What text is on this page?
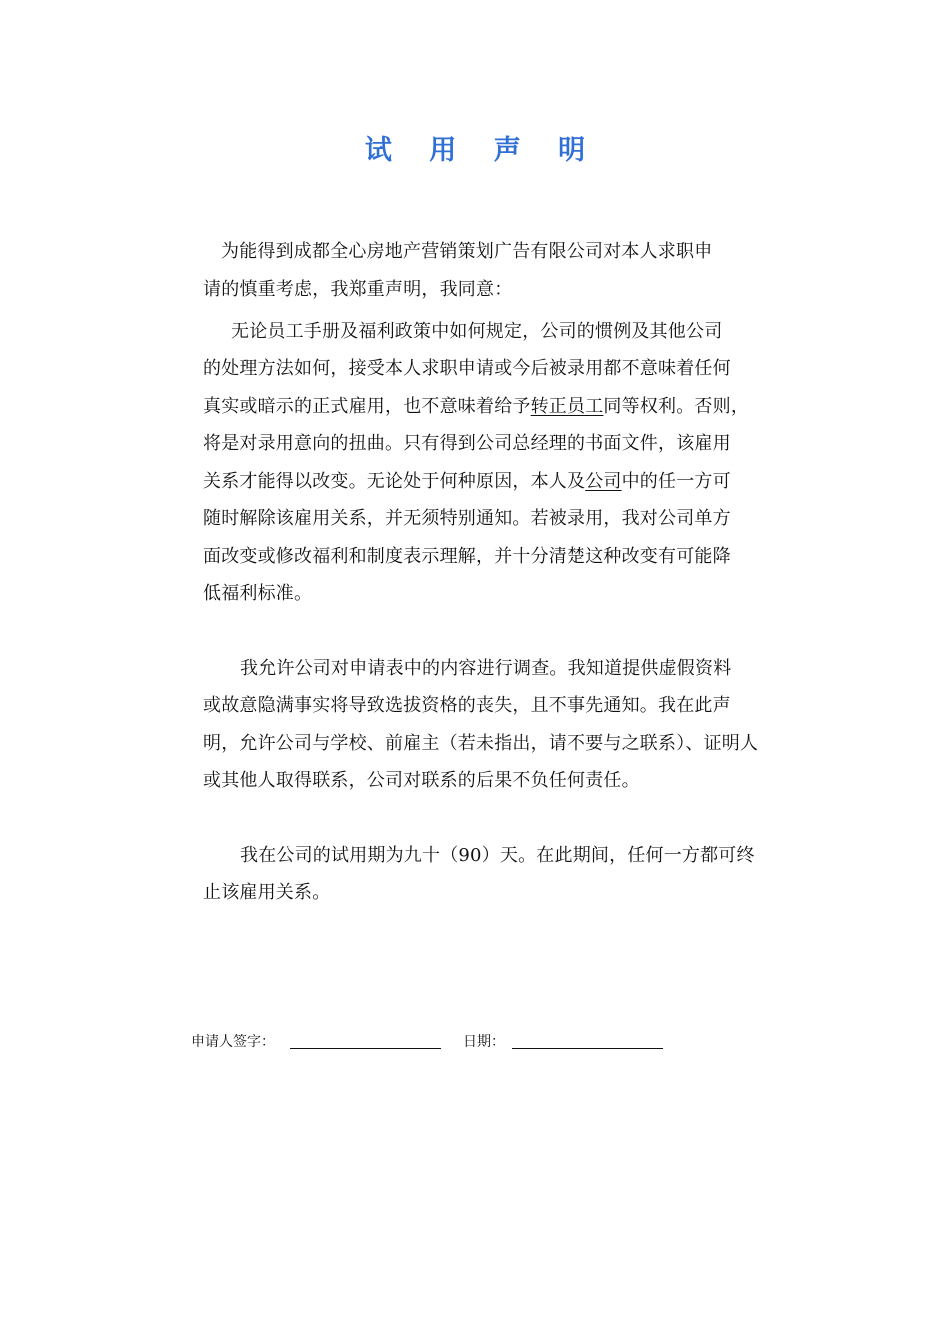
试 用 声 明
为能得到成都全心房地产营销策划广告有限公司对本人求职申
请的慎重考虑，我郑重声明，我同意：
无论员工手册及福利政策中如何规定，公司的惯例及其他公司
的处理方法如何，接受本人求职申请或今后被录用都不意味着任何
真实或暗示的正式雇用，也不意味着给予转正员工同等权利。否则，
将是对录用意向的扭曲。只有得到公司总经理的书面文件，该雇用
关系才能得以改变。无论处于何种原因，本人及公司中的任一方可
随时解除该雇用关系，并无须特别通知。若被录用，我对公司单方
面改变或修改福利和制度表示理解，并十分清楚这种改变有可能降
低福利标准。
我允许公司对申请表中的内容进行调查。我知道提供虚假资料
或故意隐满事实将导致选拔资格的丧失，且不事先通知。我在此声
明，允许公司与学校、前雇主（若未指出，请不要与之联系）、证明人
或其他人取得联系，公司对联系的后果不负任何责任。
我在公司的试用期为九十（90）天。在此期间，任何一方都可终
止该雇用关系。
申请人签字：	日期：
